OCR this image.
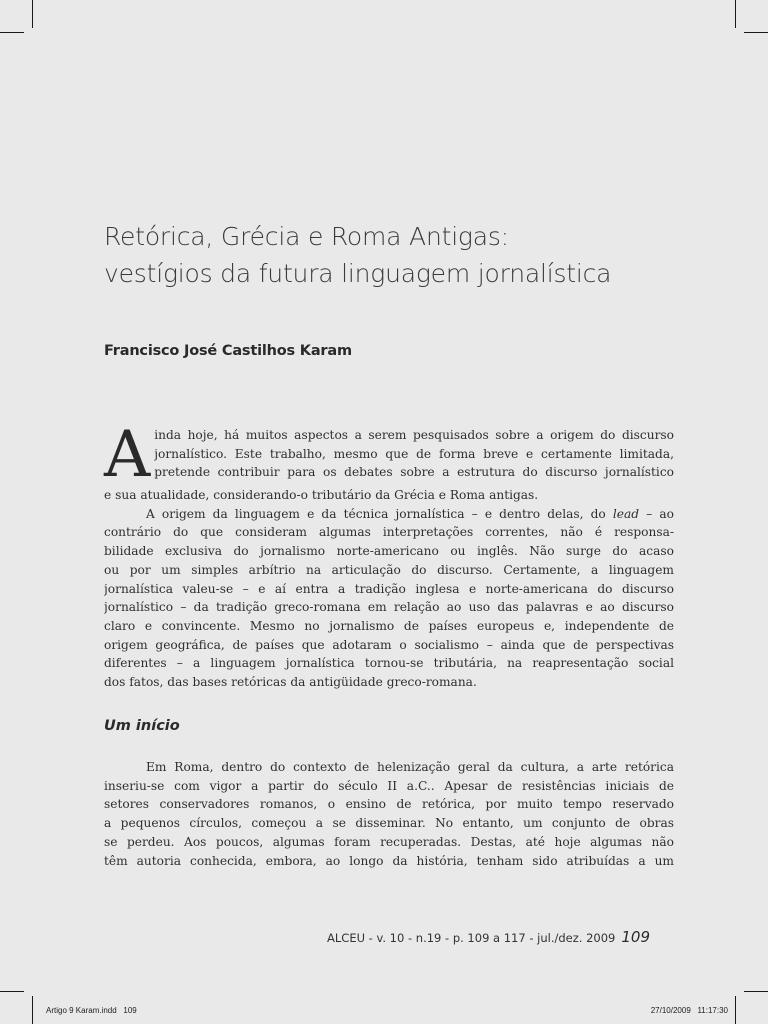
Retórica, Grécia e Roma Antigas:
vestígios da futura linguagem jornalística
Francisco José Castilhos Karam
A inda hoje, há muitos aspectos a serem pesquisados sobre a origem do discurso
jornalístico. Este trabalho, mesmo que de forma breve e certamente limitada,
pretende contribuir para os debates sobre a estrutura do discurso jornalístico
e sua atualidade, considerando-o tributário da Grécia e Roma antigas.
A origem da linguagem e da técnica jornalística – e dentro delas, do lead – ao
contrário do que consideram algumas interpretações correntes, não é responsa-
bilidade exclusiva do jornalismo norte-americano ou inglês. Não surge do acaso
ou por um simples arbítrio na articulação do discurso. Certamente, a linguagem
jornalística valeu-se – e aí entra a tradição inglesa e norte-americana do discurso
jornalístico – da tradição greco-romana em relação ao uso das palavras e ao discurso
claro e convincente. Mesmo no jornalismo de países europeus e, independente de
origem geográfica, de países que adotaram o socialismo – ainda que de perspectivas
diferentes – a linguagem jornalística tornou-se tributária, na reapresentação social
dos fatos, das bases retóricas da antigüidade greco-romana.
Um início
Em Roma, dentro do contexto de helenização geral da cultura, a arte retórica
inseriu-se com vigor a partir do século II a.C.. Apesar de resistências iniciais de
setores conservadores romanos, o ensino de retórica, por muito tempo reservado
a pequenos círculos, começou a se disseminar. No entanto, um conjunto de obras
se perdeu. Aos poucos, algumas foram recuperadas. Destas, até hoje algumas não
têm autoria conhecida, embora, ao longo da história, tenham sido atribuídas a um
ALCEU - v. 10 - n.19 - p. 109 a 117 - jul./dez. 2009 109
Artigo 9 Karam.indd   109	27/10/2009   11:17:30
